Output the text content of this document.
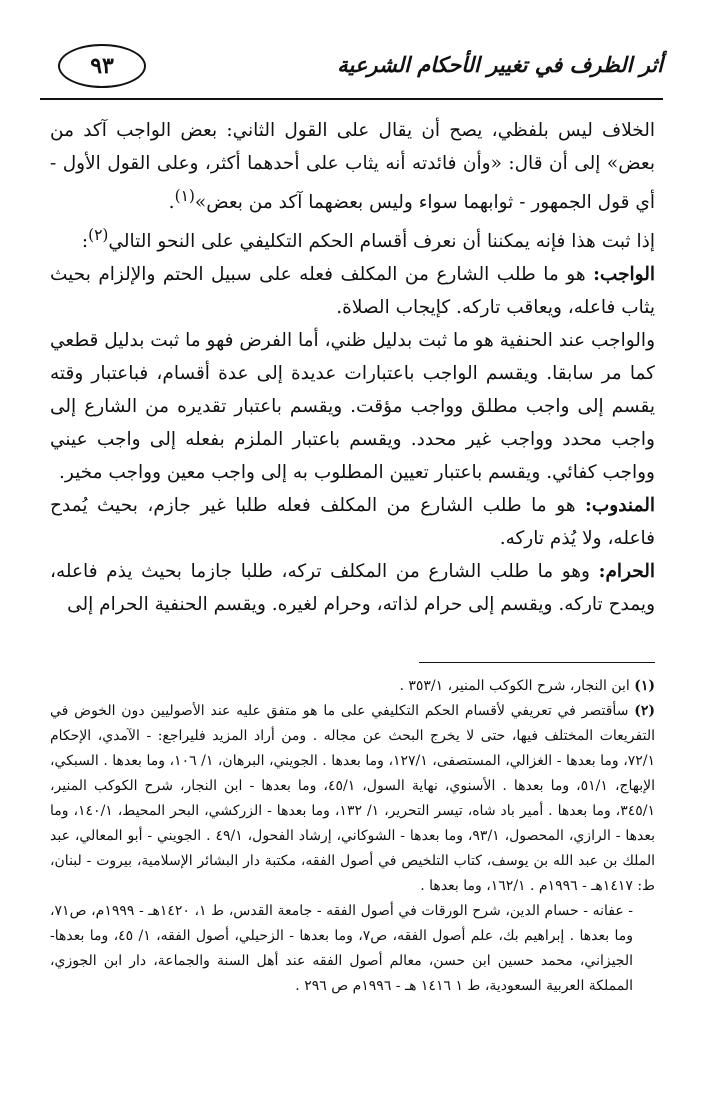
أثر الظرف في تغيير الأحكام الشرعية
٩٣

الخلاف ليس بلفظي، يصح أن يقال على القول الثاني: بعض الواجب آكد من بعض» إلى أن قال: «وأن فائدته أنه يثاب على أحدهما أكثر، وعلى القول الأول - أي قول الجمهور - ثوابهما سواء وليس بعضهما آكد من بعض»$^{(١)}$.

إذا ثبت هذا فإنه يمكننا أن نعرف أقسام الحكم التكليفي على النحو التالي$^{(٢)}$:

الواجب: هو ما طلب الشارع من المكلف فعله على سبيل الحتم والإلزام بحيث يثاب فاعله، ويعاقب تاركه. كإيجاب الصلاة.

والواجب عند الحنفية هو ما ثبت بدليل ظني، أما الفرض فهو ما ثبت بدليل قطعي كما مر سابقا. ويقسم الواجب باعتبارات عديدة إلى عدة أقسام، فباعتبار وقته يقسم إلى واجب مطلق وواجب مؤقت. ويقسم باعتبار تقديره من الشارع إلى واجب محدد وواجب غير محدد. ويقسم باعتبار الملزم بفعله إلى واجب عيني وواجب كفائي. ويقسم باعتبار تعيين المطلوب به إلى واجب معين وواجب مخير.

المندوب: هو ما طلب الشارع من المكلف فعله طلبا غير جازم، بحيث يُمدح فاعله، ولا يُذم تاركه.

الحرام: وهو ما طلب الشارع من المكلف تركه، طلبا جازما بحيث يذم فاعله، ويمدح تاركه. ويقسم إلى حرام لذاته، وحرام لغيره. ويقسم الحنفية الحرام إلى

(١) ابن النجار، شرح الكوكب المنير، ٣٥٣/١ .

(٢) سأقتصر في تعريفي لأقسام الحكم التكليفي على ما هو متفق عليه عند الأصوليين دون الخوض في التفريعات المختلف فيها، حتى لا يخرج البحث عن مجاله . ومن أراد المزيد فليراجع: - الآمدي، الإحكام ٧٢/١، وما بعدها - الغزالي، المستصفى، ١٢٧/١، وما بعدها . الجويني، البرهان، ١/ ١٠٦، وما بعدها . السبكي، الإبهاج، ٥١/١، وما بعدها . الأسنوي، نهاية السول، ٤٥/١، وما بعدها - ابن النجار، شرح الكوكب المنير، ٣٤٥/١، وما بعدها . أمير باد شاه، تيسر التحرير، ١/ ١٣٢، وما بعدها - الزركشي، البحر المحيط، ١٤٠/١، وما بعدها - الرازي، المحصول، ٩٣/١، وما بعدها - الشوكاني، إرشاد الفحول، ٤٩/١ . الجويني - أبو المعالي، عبد الملك بن عبد الله بن يوسف، كتاب التلخيص في أصول الفقه، مكتبة دار البشائر الإسلامية، بيروت - لبنان، ط: ١٤١٧هـ - ١٩٩٦م . ١٦٢/١، وما بعدها .

- عفانه - حسام الدين، شرح الورقات في أصول الفقه - جامعة القدس، ط ١، ١٤٢٠هـ - ١٩٩٩م، ص٧١، وما بعدها . إبراهيم بك، علم أصول الفقه، ص٧، وما بعدها - الزحيلي، أصول الفقه، ١/ ٤٥، وما بعدها- الجيزاني، محمد حسين ابن حسن، معالم أصول الفقه عند أهل السنة والجماعة، دار ابن الجوزي، المملكة العربية السعودية، ط ١ ١٤١٦ هـ - ١٩٩٦م ص ٢٩٦ .
